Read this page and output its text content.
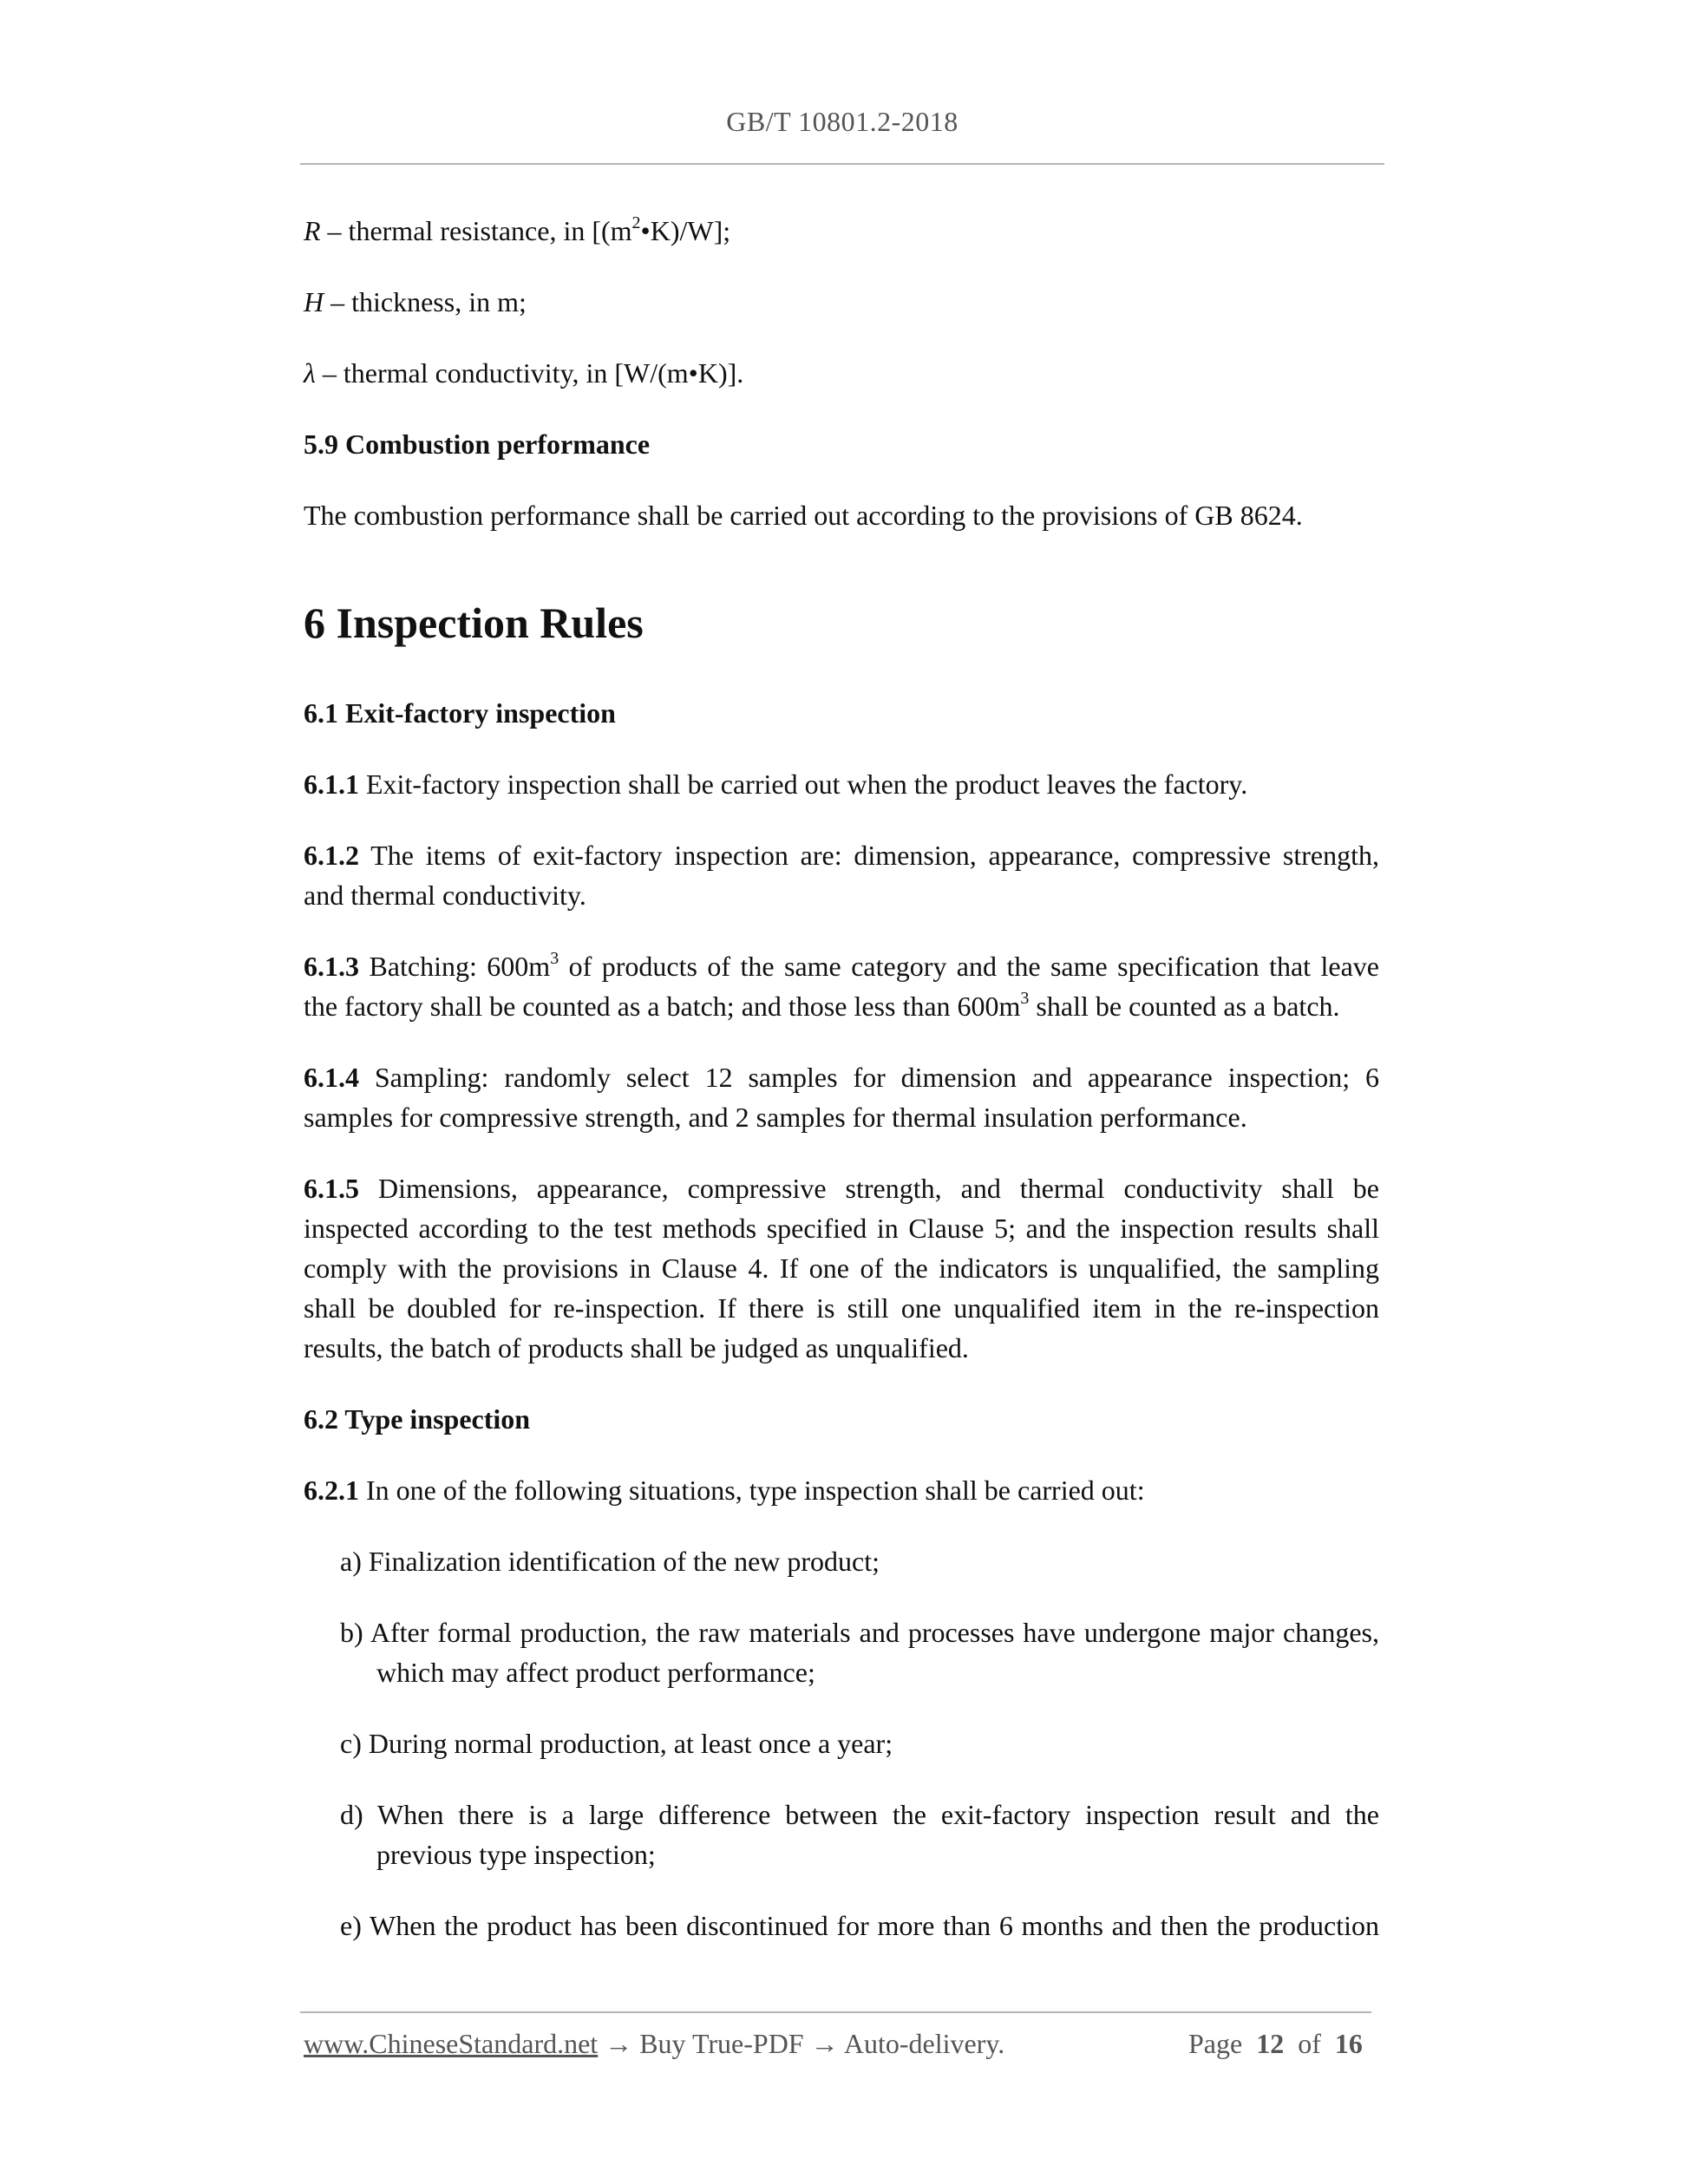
GB/T 10801.2-2018
R – thermal resistance, in $[(m^2•K)/W]$;
H – thickness, in m;
λ – thermal conductivity, in [W/(m•K)].
5.9 Combustion performance
The combustion performance shall be carried out according to the provisions of GB 8624.
6 Inspection Rules
6.1 Exit-factory inspection
6.1.1 Exit-factory inspection shall be carried out when the product leaves the factory.
6.1.2 The items of exit-factory inspection are: dimension, appearance, compressive strength,
and thermal conductivity.
6.1.3 Batching: $600m^3$ of products of the same category and the same specification that leave
the factory shall be counted as a batch; and those less than $600m^3$ shall be counted as a batch.
6.1.4 Sampling: randomly select 12 samples for dimension and appearance inspection; 6
samples for compressive strength, and 2 samples for thermal insulation performance.
6.1.5 Dimensions, appearance, compressive strength, and thermal conductivity shall be
inspected according to the test methods specified in Clause 5; and the inspection results shall
comply with the provisions in Clause 4. If one of the indicators is unqualified, the sampling
shall be doubled for re-inspection. If there is still one unqualified item in the re-inspection
results, the batch of products shall be judged as unqualified.
6.2 Type inspection
6.2.1 In one of the following situations, type inspection shall be carried out:
a) Finalization identification of the new product;
b) After formal production, the raw materials and processes have undergone major changes,
which may affect product performance;
c) During normal production, at least once a year;
d) When there is a large difference between the exit-factory inspection result and the
previous type inspection;
e) When the product has been discontinued for more than 6 months and then the production
www.ChineseStandard.net → Buy True-PDF → Auto-delivery.	Page 12 of 16
